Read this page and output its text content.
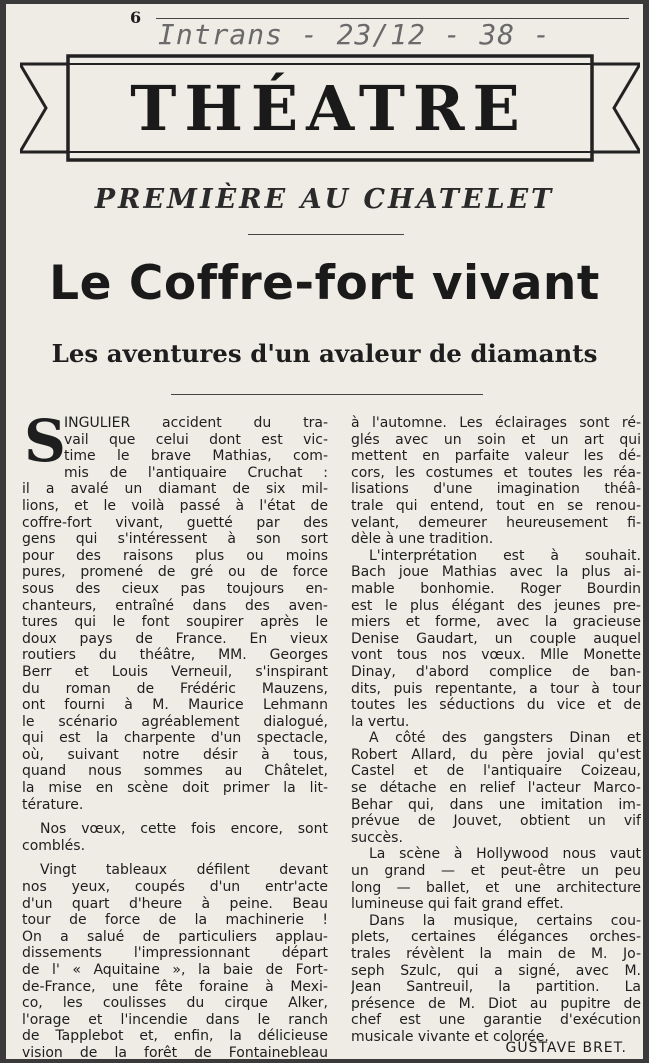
6
Intrans - 23/12 - 38 -
THÉATRE
PREMIÈRE AU CHATELET
Le Coffre-fort vivant
Les aventures d'un avaleur de diamants
S
INGULIER accident du tra-
vail que celui dont est vic-
time le brave Mathias, com-
mis de l'antiquaire Cruchat :
il a avalé un diamant de six mil-
lions, et le voilà passé à l'état de
coffre-fort vivant, guetté par des
gens qui s'intéressent à son sort
pour des raisons plus ou moins
pures, promené de gré ou de force
sous des cieux pas toujours en-
chanteurs, entraîné dans des aven-
tures qui le font soupirer après le
doux pays de France. En vieux
routiers du théâtre, MM. Georges
Berr et Louis Verneuil, s'inspirant
du roman de Frédéric Mauzens,
ont fourni à M. Maurice Lehmann
le scénario agréablement dialogué,
qui est la charpente d'un spectacle,
où, suivant notre désir à tous,
quand nous sommes au Châtelet,
la mise en scène doit primer la lit-
térature.
Nos vœux, cette fois encore, sont
comblés.
Vingt tableaux défilent devant
nos yeux, coupés d'un entr'acte
d'un quart d'heure à peine. Beau
tour de force de la machinerie !
On a salué de particuliers applau-
dissements l'impressionnant départ
de l' « Aquitaine », la baie de Fort-
de-France, une fête foraine à Mexi-
co, les coulisses du cirque Alker,
l'orage et l'incendie dans le ranch
de Tapplebot et, enfin, la délicieuse
vision de la forêt de Fontainebleau
à l'automne. Les éclairages sont ré-
glés avec un soin et un art qui
mettent en parfaite valeur les dé-
cors, les costumes et toutes les réa-
lisations d'une imagination théâ-
trale qui entend, tout en se renou-
velant, demeurer heureusement fi-
dèle à une tradition.
L'interprétation est à souhait.
Bach joue Mathias avec la plus ai-
mable bonhomie. Roger Bourdin
est le plus élégant des jeunes pre-
miers et forme, avec la gracieuse
Denise Gaudart, un couple auquel
vont tous nos vœux. Mlle Monette
Dinay, d'abord complice de ban-
dits, puis repentante, a tour à tour
toutes les séductions du vice et de
la vertu.
A côté des gangsters Dinan et
Robert Allard, du père jovial qu'est
Castel et de l'antiquaire Coizeau,
se détache en relief l'acteur Marco-
Behar qui, dans une imitation im-
prévue de Jouvet, obtient un vif
succès.
La scène à Hollywood nous vaut
un grand — et peut-être un peu
long — ballet, et une architecture
lumineuse qui fait grand effet.
Dans la musique, certains cou-
plets, certaines élégances orches-
trales révèlent la main de M. Jo-
seph Szulc, qui a signé, avec M.
Jean Santreuil, la partition. La
présence de M. Diot au pupitre de
chef est une garantie d'exécution
musicale vivante et colorée.
GUSTAVE BRET.
